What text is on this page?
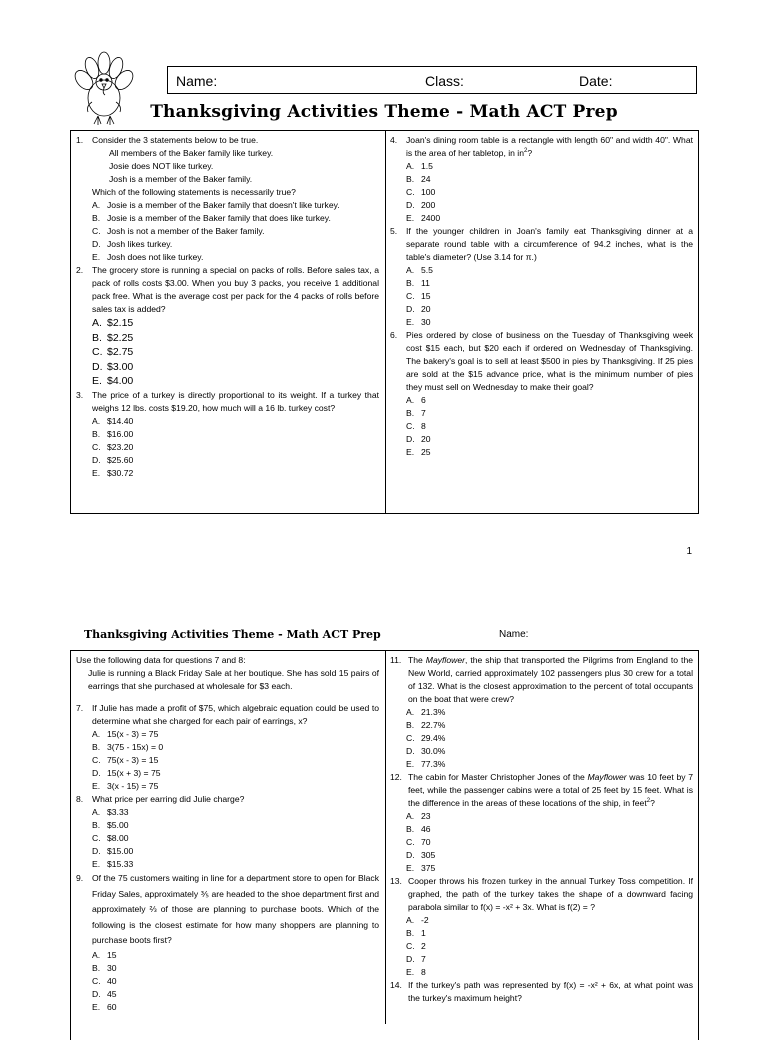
Name:	Class:	Date:
Thanksgiving Activities Theme - Math ACT Prep
1.	Consider the 3 statements below to be true.
All members of the Baker family like turkey.
Josie does NOT like turkey.
Josh is a member of the Baker family.
Which of the following statements is necessarily true?
A. Josie is a member of the Baker family that doesn't like turkey.
B. Josie is a member of the Baker family that does like turkey.
C. Josh is not a member of the Baker family.
D. Josh likes turkey.
E. Josh does not like turkey.
2.	The grocery store is running a special on packs of rolls. Before sales tax, a pack of rolls costs $3.00. When you buy 3 packs, you receive 1 additional pack free. What is the average cost per pack for the 4 packs of rolls before sales tax is added?
A. $2.15
B. $2.25
C. $2.75
D. $3.00
E. $4.00
3.	The price of a turkey is directly proportional to its weight. If a turkey that weighs 12 lbs. costs $19.20, how much will a 16 lb. turkey cost?
A. $14.40
B. $16.00
C. $23.20
D. $25.60
E. $30.72
4.	Joan's dining room table is a rectangle with length 60" and width 40". What is the area of her tabletop, in $in^2$?
A. 1.5
B. 24
C. 100
D. 200
E. 2400
5.	If the younger children in Joan's family eat Thanksgiving dinner at a separate round table with a circumference of 94.2 inches, what is the table's diameter? (Use 3.14 for π.)
A. 5.5
B. 11
C. 15
D. 20
E. 30
6.	Pies ordered by close of business on the Tuesday of Thanksgiving week cost $15 each, but $20 each if ordered on Wednesday of Thanksgiving. The bakery's goal is to sell at least $500 in pies by Thanksgiving. If 25 pies are sold at the $15 advance price, what is the minimum number of pies they must sell on Wednesday to make their goal?
A. 6
B. 7
C. 8
D. 20
E. 25
1
Thanksgiving Activities Theme - Math ACT Prep	Name:
Use the following data for questions 7 and 8:
Julie is running a Black Friday Sale at her boutique. She has sold 15 pairs of earrings that she purchased at wholesale for $3 each.
7.	If Julie has made a profit of $75, which algebraic equation could be used to determine what she charged for each pair of earrings, x?
A. 15(x - 3) = 75
B. 3(75 - 15x) = 0
C. 75(x - 3) = 15
D. 15(x + 3) = 75
E. 3(x - 15) = 75
8.	What price per earring did Julie charge?
A. $3.33
B. $5.00
C. $8.00
D. $15.00
E. $15.33
9.	Of the 75 customers waiting in line for a department store to open for Black Friday Sales, approximately ⅗ are headed to the shoe department first and approximately ⅔ of those are planning to purchase boots. Which of the following is the closest estimate for how many shoppers are planning to purchase boots first?
A. 15
B. 30
C. 40
D. 45
E. 60
11. The Mayflower, the ship that transported the Pilgrims from England to the New World, carried approximately 102 passengers plus 30 crew for a total of 132. What is the closest approximation to the percent of total occupants on the boat that were crew?
A. 21.3%
B. 22.7%
C. 29.4%
D. 30.0%
E. 77.3%
12. The cabin for Master Christopher Jones of the Mayflower was 10 feet by 7 feet, while the passenger cabins were a total of 25 feet by 15 feet. What is the difference in the areas of these locations of the ship, in feet$^2$?
A. 23
B. 46
C. 70
D. 305
E. 375
13. Cooper throws his frozen turkey in the annual Turkey Toss competition. If graphed, the path of the turkey takes the shape of a downward facing parabola similar to f(x) = -x² + 3x. What is f(2) = ?
A. -2
B. 1
C. 2
D. 7
E. 8
14. If the turkey's path was represented by f(x) = -x² + 6x, at what point was the turkey's maximum height?
